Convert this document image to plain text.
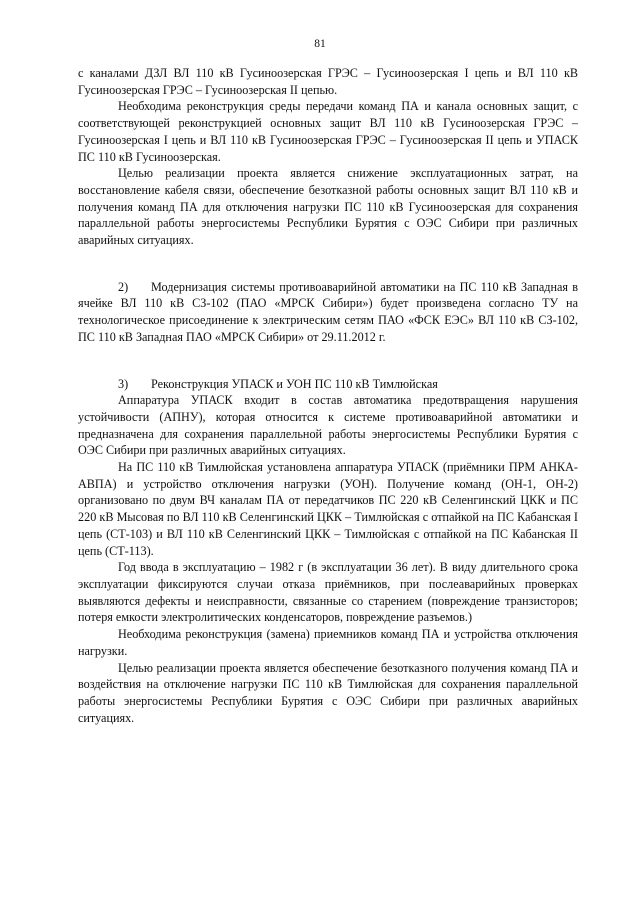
81

с каналами ДЗЛ ВЛ 110 кВ Гусиноозерская ГРЭС – Гусиноозерская I цепь и ВЛ 110 кВ Гусиноозерская ГРЭС – Гусиноозерская II цепью.

Необходима реконструкция среды передачи команд ПА и канала основных защит, с соответствующей реконструкцией основных защит ВЛ 110 кВ Гусиноозерская ГРЭС – Гусиноозерская I цепь и ВЛ 110 кВ Гусиноозерская ГРЭС – Гусиноозерская II цепь и УПАСК ПС 110 кВ Гусиноозерская.

Целью реализации проекта является снижение эксплуатационных затрат, на восстановление кабеля связи, обеспечение безотказной работы основных защит ВЛ 110 кВ и получения команд ПА для отключения нагрузки ПС 110 кВ Гусиноозерская для сохранения параллельной работы энергосистемы Республики Бурятия с ОЭС Сибири при различных аварийных ситуациях.

2) Модернизация системы противоаварийной автоматики на ПС 110 кВ Западная в ячейке ВЛ 110 кВ СЗ-102 (ПАО «МРСК Сибири») будет произведена согласно ТУ на технологическое присоединение к электрическим сетям ПАО «ФСК ЕЭС» ВЛ 110 кВ СЗ-102, ПС 110 кВ Западная ПАО «МРСК Сибири» от 29.11.2012 г.

3) Реконструкция УПАСК и УОН ПС 110 кВ Тимлюйская

Аппаратура УПАСК входит в состав автоматика предотвращения нарушения устойчивости (АПНУ), которая относится к системе противоаварийной автоматики и предназначена для сохранения параллельной работы энергосистемы Республики Бурятия с ОЭС Сибири при различных аварийных ситуациях.

На ПС 110 кВ Тимлюйская установлена аппаратура УПАСК (приёмники ПРМ АНКА-АВПА) и устройство отключения нагрузки (УОН). Получение команд (ОН-1, ОН-2) организовано по двум ВЧ каналам ПА от передатчиков ПС 220 кВ Селенгинский ЦКК и ПС 220 кВ Мысовая по ВЛ 110 кВ Селенгинский ЦКК – Тимлюйская с отпайкой на ПС Кабанская I цепь (СТ-103) и ВЛ 110 кВ Селенгинский ЦКК – Тимлюйская с отпайкой на ПС Кабанская II цепь (СТ-113).

Год ввода в эксплуатацию – 1982 г (в эксплуатации 36 лет). В виду длительного срока эксплуатации фиксируются случаи отказа приёмников, при послеаварийных проверках выявляются дефекты и неисправности, связанные со старением (повреждение транзисторов; потеря емкости электролитических конденсаторов, повреждение разъемов.)

Необходима реконструкция (замена) приемников команд ПА и устройства отключения нагрузки.

Целью реализации проекта является обеспечение безотказного получения команд ПА и воздействия на отключение нагрузки ПС 110 кВ Тимлюйская для сохранения параллельной работы энергосистемы Республики Бурятия с ОЭС Сибири при различных аварийных ситуациях.
